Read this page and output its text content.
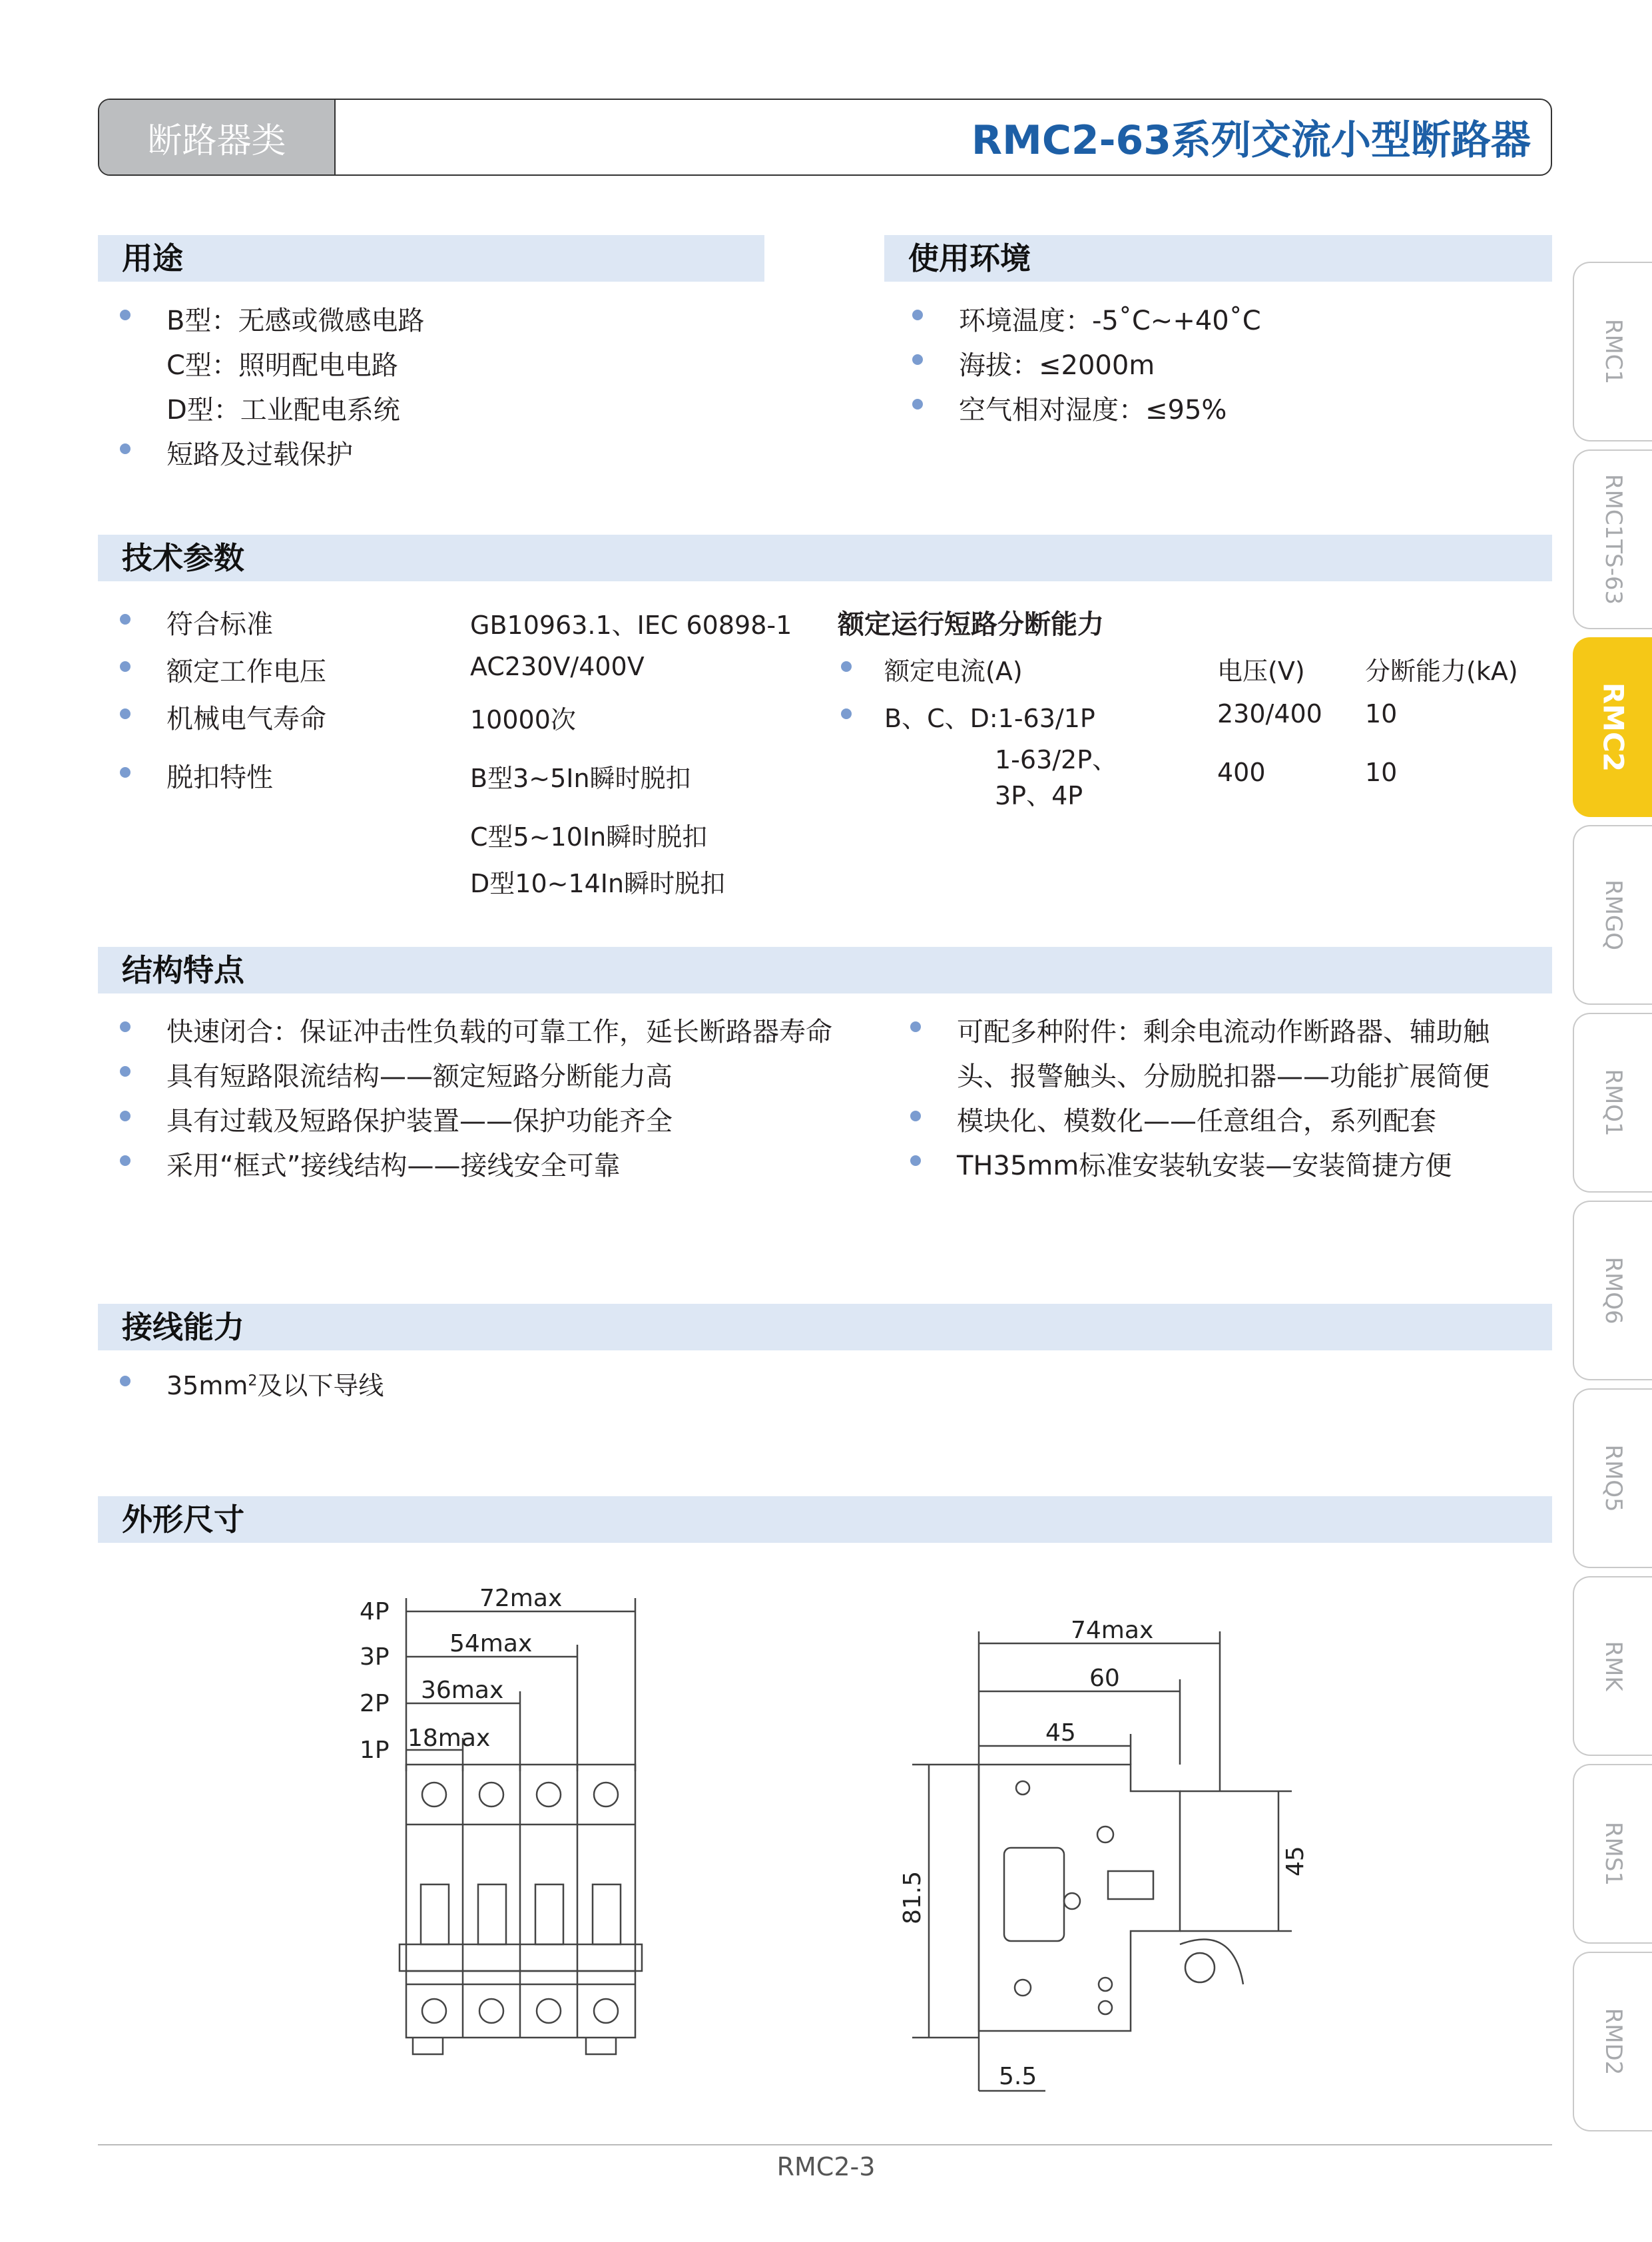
断路器类	RMC2-63系列交流小型断路器
用途
B型：无感或微感电路
C型：照明配电电路
D型：工业配电系统
短路及过载保护
使用环境
环境温度：-5˚C~+40˚C
海拔：≤2000m
空气相对湿度：≤95%
技术参数
符合标准	GB10963.1、IEC 60898-1
额定工作电压	AC230V/400V
机械电气寿命	10000次
脱扣特性	B型3~5In瞬时脱扣
C型5~10In瞬时脱扣
D型10~14In瞬时脱扣
额定运行短路分断能力
额定电流(A)	电压(V) 分断能力(kA)
B、C、D:1-63/1P	230/400 10
1-63/2P、
3P、4P
400	10
结构特点
快速闭合：保证冲击性负载的可靠工作，延长断路器寿命
具有短路限流结构——额定短路分断能力高
具有过载及短路保护装置——保护功能齐全
采用“框式”接线结构——接线安全可靠
可配多种附件：剩余电流动作断路器、辅助触
头、报警触头、分励脱扣器——功能扩展简便
模块化、模数化——任意组合，系列配套
TH35mm标准安装轨安装—安装简捷方便
接线能力
$35mm^2$及以下导线
外形尺寸
4P
3P
2P
1P
72max
54max
36max
18max
74max
60
45
5.5
81.5
45
RMC1
RMC1TS-63
RMC2
RMGQ
RMQ1
RMQ6
RMQ5
RMK
RMS1
RMD2
RMC2-3
